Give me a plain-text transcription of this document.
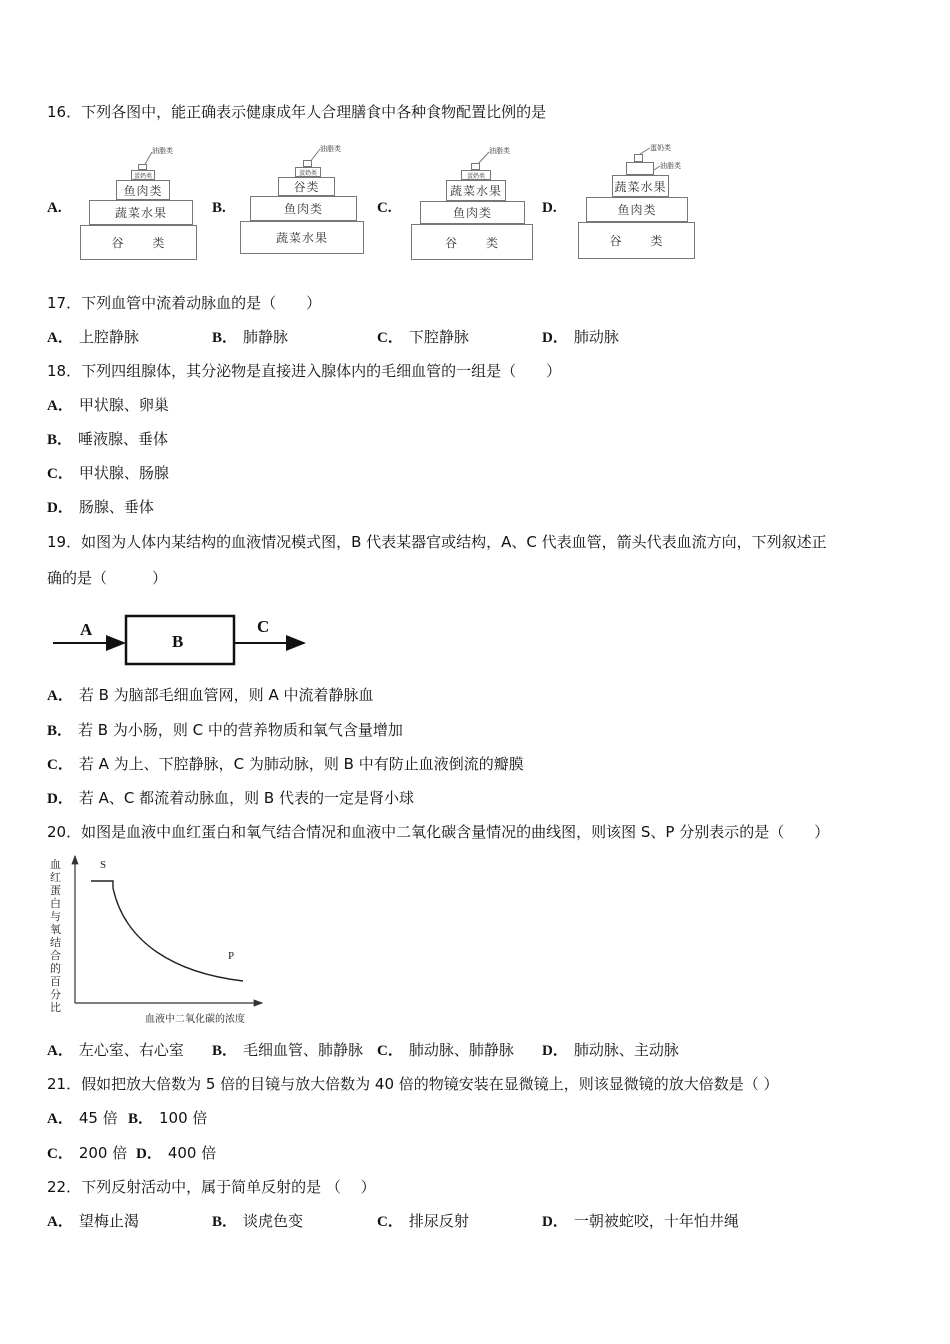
16．下列各图中，能正确表示健康成年人合理膳食中各种食物配置比例的是
A.
油脂类
蛋奶类
鱼肉类
蔬菜水果
谷 类
B.
油脂类
蛋奶类
谷类
鱼肉类
蔬菜水果
C.
油脂类
蛋奶类
蔬菜水果
鱼肉类
谷 类
D.
蛋奶类
油脂类
蔬菜水果
鱼肉类
谷 类
17．下列血管中流着动脉血的是（　　）
A． 上腔静脉	B． 肺静脉	C． 下腔静脉	D． 肺动脉
18．下列四组腺体，其分泌物是直接进入腺体内的毛细血管的一组是（　　）
A． 甲状腺、卵巢
B． 唾液腺、垂体
C． 甲状腺、肠腺
D． 肠腺、垂体
19．如图为人体内某结构的血液情况模式图，B 代表某器官或结构，A、C 代表血管，箭头代表血流方向，下列叙述正
确的是（　　　）
A
B
C
A． 若 B 为脑部毛细血管网，则 A 中流着静脉血
B． 若 B 为小肠，则 C 中的营养物质和氧气含量增加
C． 若 A 为上、下腔静脉，C 为肺动脉，则 B 中有防止血液倒流的瓣膜
D． 若 A、C 都流着动脉血，则 B 代表的一定是肾小球
20．如图是血液中血红蛋白和氧气结合情况和血液中二氧化碳含量情况的曲线图，则该图 S、P 分别表示的是（　　）
S
P
血红蛋白与氧结合的百分比
血液中二氧化碳的浓度
A． 左心室、右心室 B． 毛细血管、肺静脉 C． 肺动脉、肺静脉 D． 肺动脉、主动脉
21．假如把放大倍数为 5 倍的目镜与放大倍数为 40 倍的物镜安装在显微镜上，则该显微镜的放大倍数是（ ）
A． 45 倍 B． 100 倍
C． 200 倍 D． 400 倍
22．下列反射活动中，属于简单反射的是 （　 ）
A． 望梅止渴	B． 谈虎色变	C． 排尿反射	D． 一朝被蛇咬，十年怕井绳
